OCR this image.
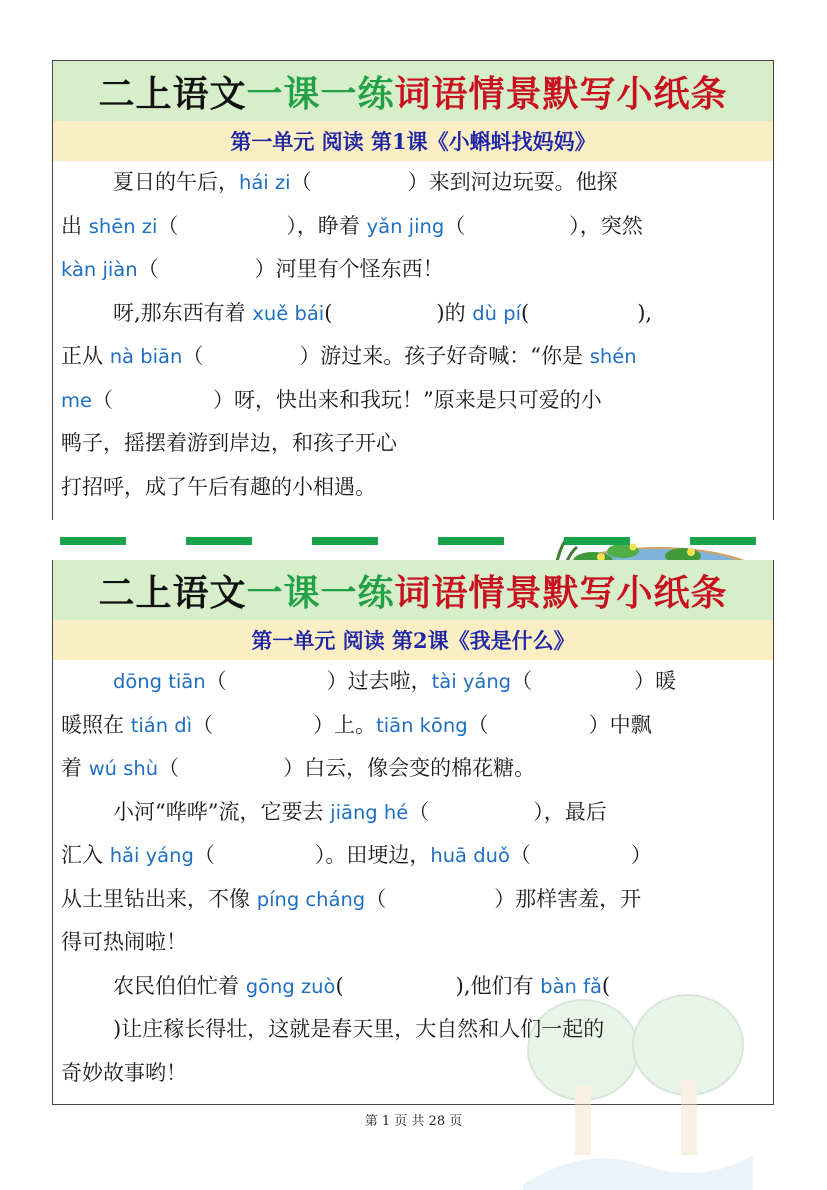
二上语文 一课一练 词语情景默写小纸条
第一单元 阅读 第1课《小蝌蚪找妈妈》
夏日的午后，hái zi（	）来到河边玩耍。他探
出 shēn zi（	），睁着 yǎn jing（	），突然
kàn jiàn（	）河里有个怪东西！
呀,那东西有着 xuě bái(	)的 dù pí(	),
正从 nà biān（	）游过来。孩子好奇喊：“你是 shén
me（	）呀，快出来和我玩！”原来是只可爱的小
鸭子，摇摆着游到岸边，和孩子开心
打招呼，成了午后有趣的小相遇。
二上语文 一课一练 词语情景默写小纸条
第一单元 阅读 第2课《我是什么》
dōng tiān（	）过去啦，tài yáng（	）暖
暖照在 tián dì（	）上。tiān kōng（	）中飘
着 wú shù（	）白云，像会变的棉花糖。
小河“哗哗”流，它要去 jiāng hé（	），最后
汇入 hǎi yáng（	）。田埂边，huā duǒ（	）
从土里钻出来，不像 píng cháng（	）那样害羞，开
得可热闹啦！
农民伯伯忙着 gōng zuò(	),他们有 bàn fǎ(
)让庄稼长得壮，这就是春天里，大自然和人们一起的
奇妙故事哟！
第 1 页 共 28 页
